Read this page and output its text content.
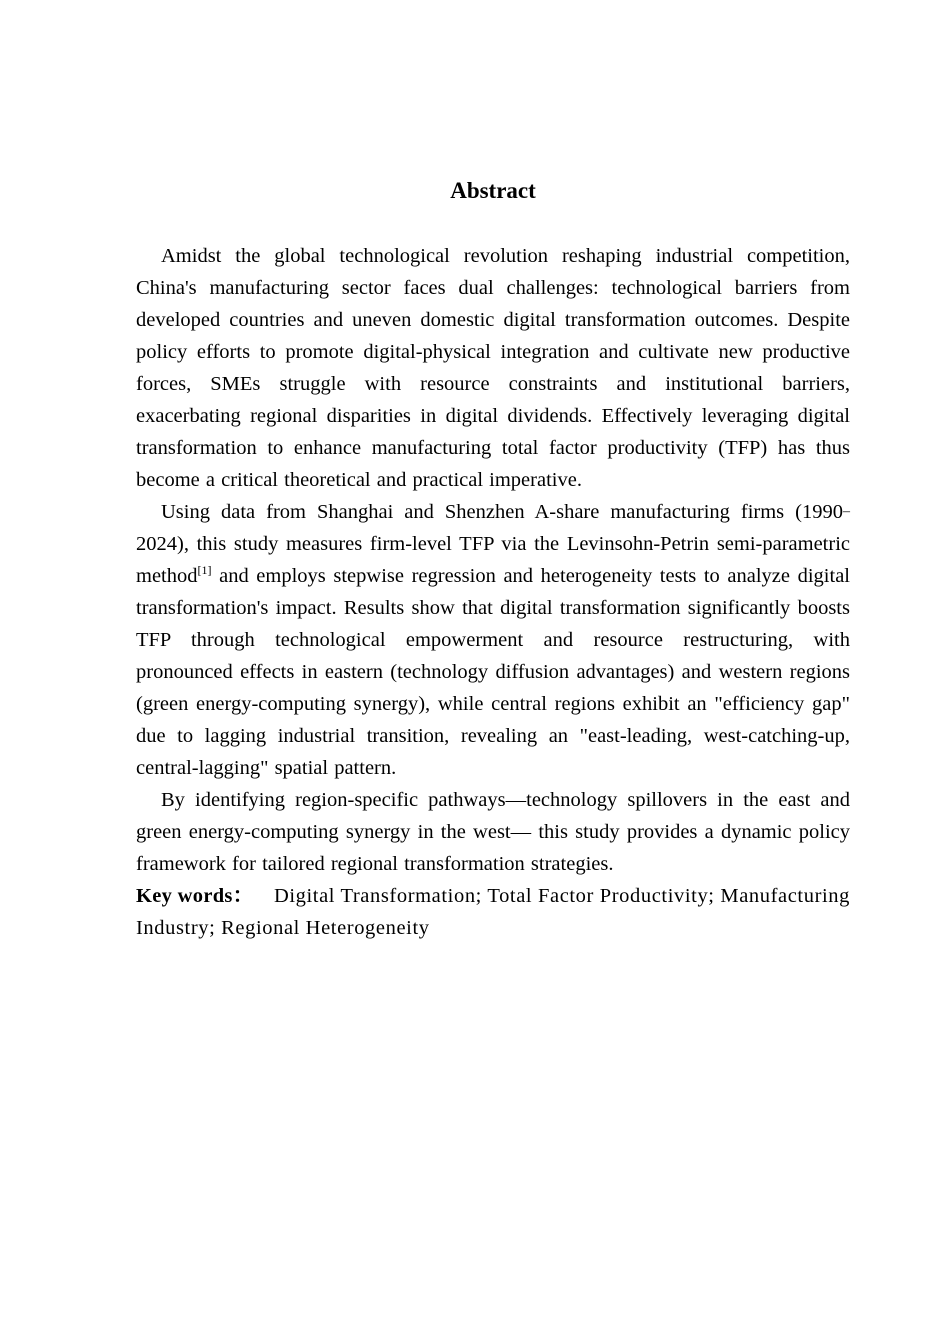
Abstract

Amidst the global technological revolution reshaping industrial competition, China's manufacturing sector faces dual challenges: technological barriers from developed countries and uneven domestic digital transformation outcomes. Despite policy efforts to promote digital-physical integration and cultivate new productive forces, SMEs struggle with resource constraints and institutional barriers, exacerbating regional disparities in digital dividends. Effectively leveraging digital transformation to enhance manufacturing total factor productivity (TFP) has thus become a critical theoretical and practical imperative.

Using data from Shanghai and Shenzhen A-share manufacturing firms (1990–2024), this study measures firm-level TFP via the Levinsohn-Petrin semi-parametric method[1] and employs stepwise regression and heterogeneity tests to analyze digital transformation's impact. Results show that digital transformation significantly boosts TFP through technological empowerment and resource restructuring, with pronounced effects in eastern (technology diffusion advantages) and western regions (green energy-computing synergy), while central regions exhibit an "efficiency gap" due to lagging industrial transition, revealing an "east-leading, west-catching-up, central-lagging" spatial pattern.

By identifying region-specific pathways—technology spillovers in the east and green energy-computing synergy in the west— this study provides a dynamic policy framework for tailored regional transformation strategies.

Key words： Digital Transformation; Total Factor Productivity; Manufacturing Industry; Regional Heterogeneity
